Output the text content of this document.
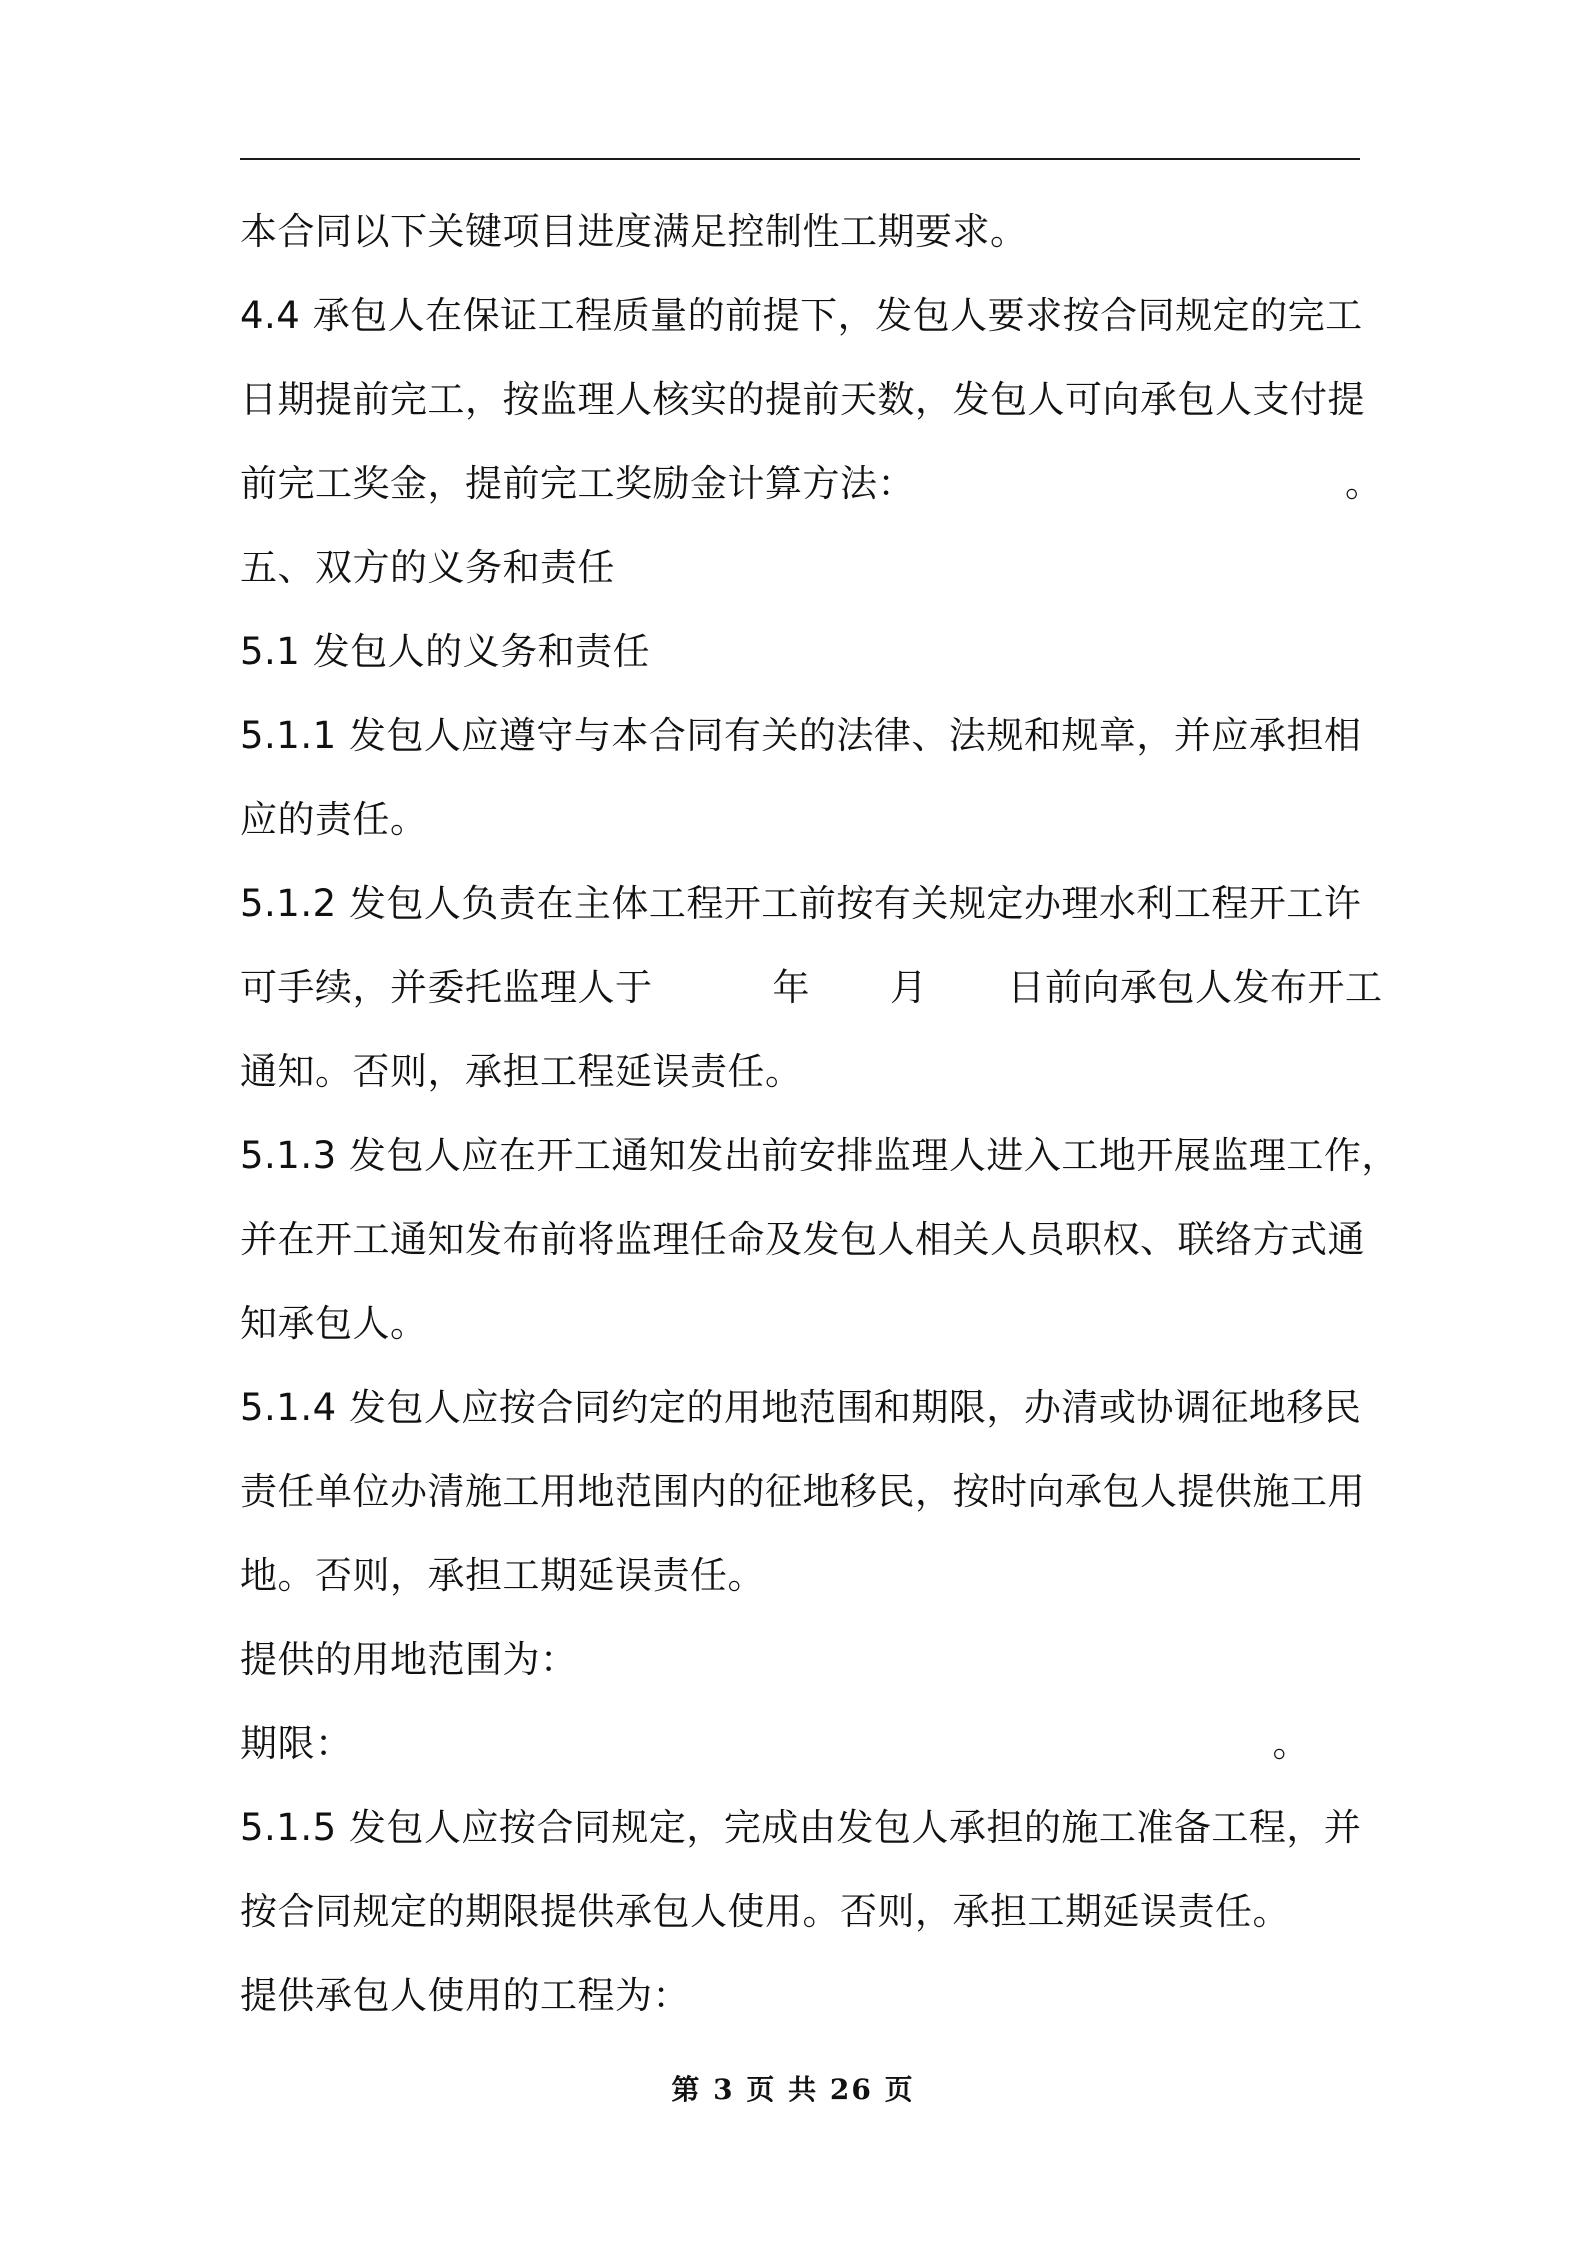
本合同以下关键项目进度满足控制性工期要求。
4.4 承包人在保证工程质量的前提下，发包人要求按合同规定的完工
日期提前完工，按监理人核实的提前天数，发包人可向承包人支付提
前完工奖金，提前完工奖励金计算方法：	。
五、双方的义务和责任
5.1 发包人的义务和责任
5.1.1 发包人应遵守与本合同有关的法律、法规和规章，并应承担相
应的责任。
5.1.2 发包人负责在主体工程开工前按有关规定办理水利工程开工许
可手续，并委托监理人于	年 月 日前向承包人发布开工
通知。否则，承担工程延误责任。
5.1.3 发包人应在开工通知发出前安排监理人进入工地开展监理工作，
并在开工通知发布前将监理任命及发包人相关人员职权、联络方式通
知承包人。
5.1.4 发包人应按合同约定的用地范围和期限，办清或协调征地移民
责任单位办清施工用地范围内的征地移民，按时向承包人提供施工用
地。否则，承担工期延误责任。
提供的用地范围为：
期限：	。
5.1.5 发包人应按合同规定，完成由发包人承担的施工准备工程，并
按合同规定的期限提供承包人使用。否则，承担工期延误责任。
提供承包人使用的工程为：
第 3 页 共 26 页
